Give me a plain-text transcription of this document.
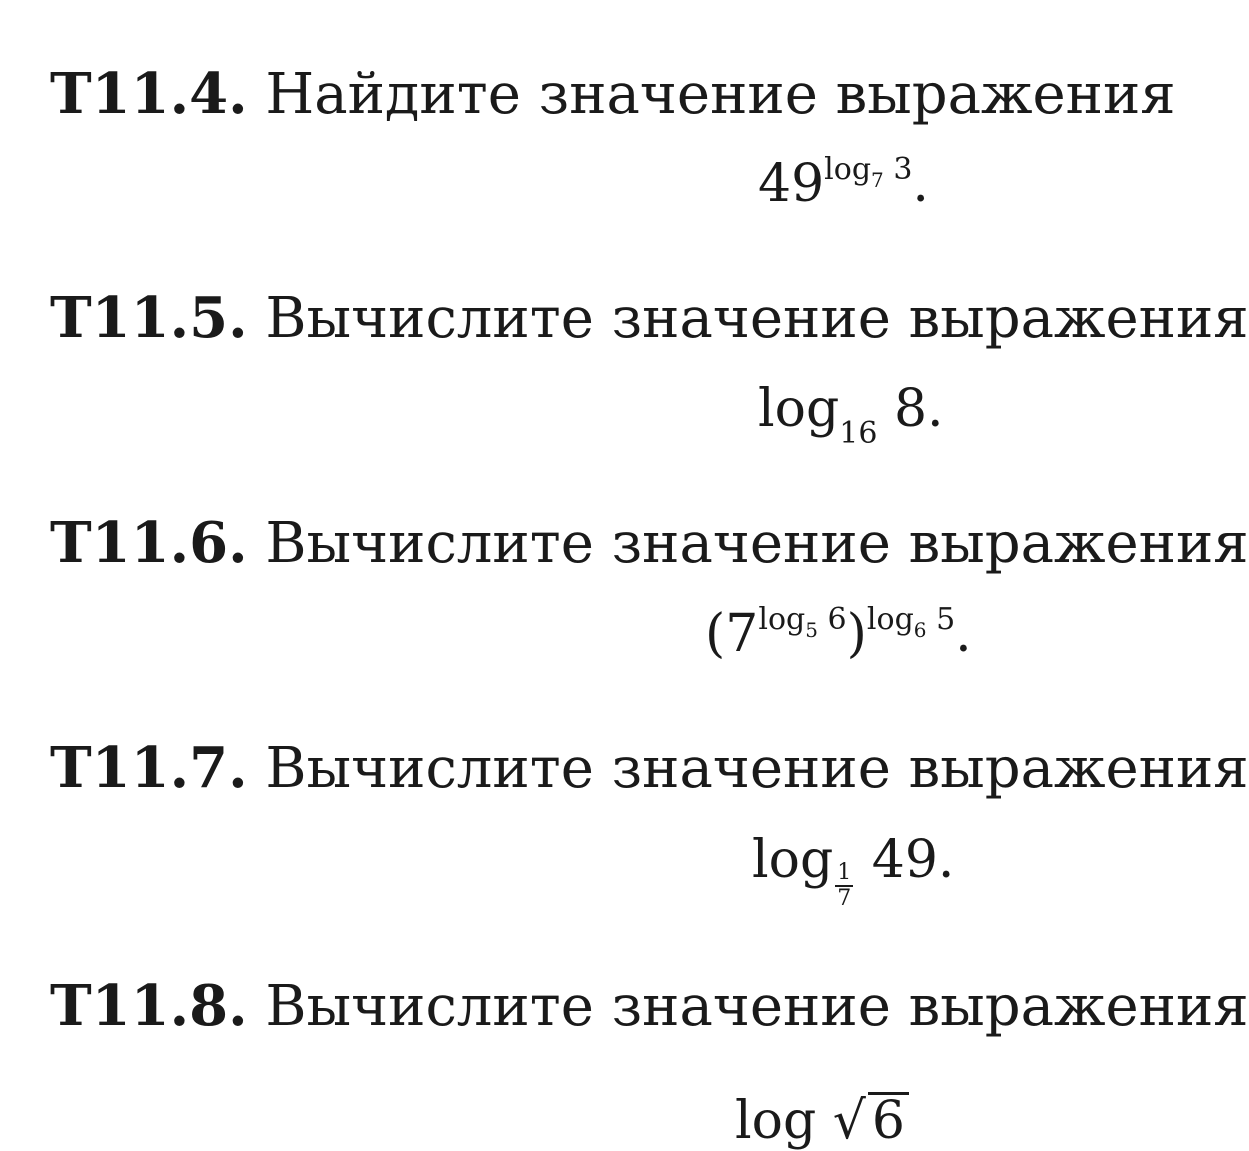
Т11.4. Найдите значение выражения

$49^{log_7 3}$.

Т11.5. Вычислите значение выражения

$\log_{16} 8$.

Т11.6. Вычислите значение выражения

$(7^{log_5 6})^{log_6 5}$.

Т11.7. Вычислите значение выражения

$\log \frac{1}{7} 49$.

Т11.8. Вычислите значение выражения

log √ 6
